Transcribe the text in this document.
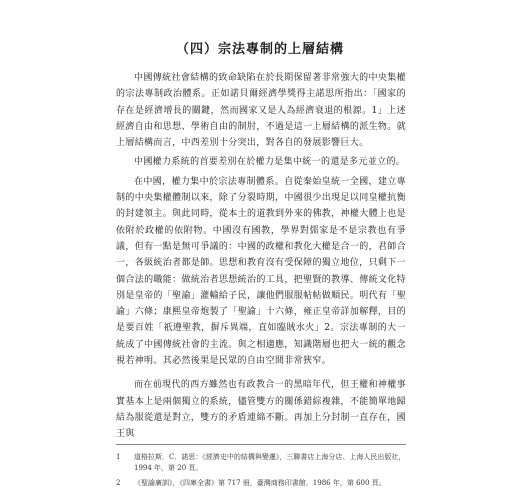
（四）宗法專制的上層結構

中國傳統社會結構的致命缺陷在於長期保留著非常強大的中央集權的宗法專制政治體系。正如諾貝爾經濟學獎得主諾思所指出：「國家的存在是經濟增長的關鍵，然而國家又是人為經濟衰退的根源。1」上述經濟自由和思想、學術自由的制肘，不過是這一上層結構的派生物。就上層結構而言，中西差別十分突出，對各自的發展影響巨大。

中國權力系統的首要差別在於權力是集中統一的還是多元並立的。

在中國，權力集中於宗法專制體系。自從秦始皇統一全國，建立專制的中央集權體制以來，除了分裂時期，中國很少出現足以同皇權抗衡的封建領主。與此同時，從本土的道教到外來的佛教，神權大體上也是依附於政權的依附物。中國沒有國教，學界對儒家是不是宗教也有爭議，但有一點是無可爭議的：中國的政權和教化大權是合一的，君師合一，各級統治者都是師。思想和教育沒有受保障的獨立地位，只剩下一個合法的職能：做統治者思想統治的工具，把聖賢的教導、傳統文化特別是皇帝的「聖諭」灌輸給子民，讓他們服服帖帖做順民。明代有「聖諭」六條；康熙皇帝炮製了「聖諭」十六條，雍正皇帝詳加解釋，目的是要百姓「祇遵聖教，摒斥異端，直如臨賊水火」2。宗法專制的大一統成了中國傳統社會的主流。與之相適應，知識階層也把大一統的觀念視若神明。其必然後果是民眾的自由空間非常狹窄。

而在前現代的西方雖然也有政教合一的黑暗年代，但王權和神權事實基本上是兩個獨立的系統，儘管雙方的關係錯綜複雜，不能簡單地歸結為服從還是對立，雙方的矛盾連綿不斷。再加上分封制一直存在，國王與

1	道格拉斯．C．諾思：《經濟史中的結構與變遷》，三聯書店上海分店、上海人民出版社，1994 年，第 20 頁。
2	《聖諭廣訓》，《四庫全書》第 717 冊，臺灣商務印書館，1986 年，第 600 頁。
